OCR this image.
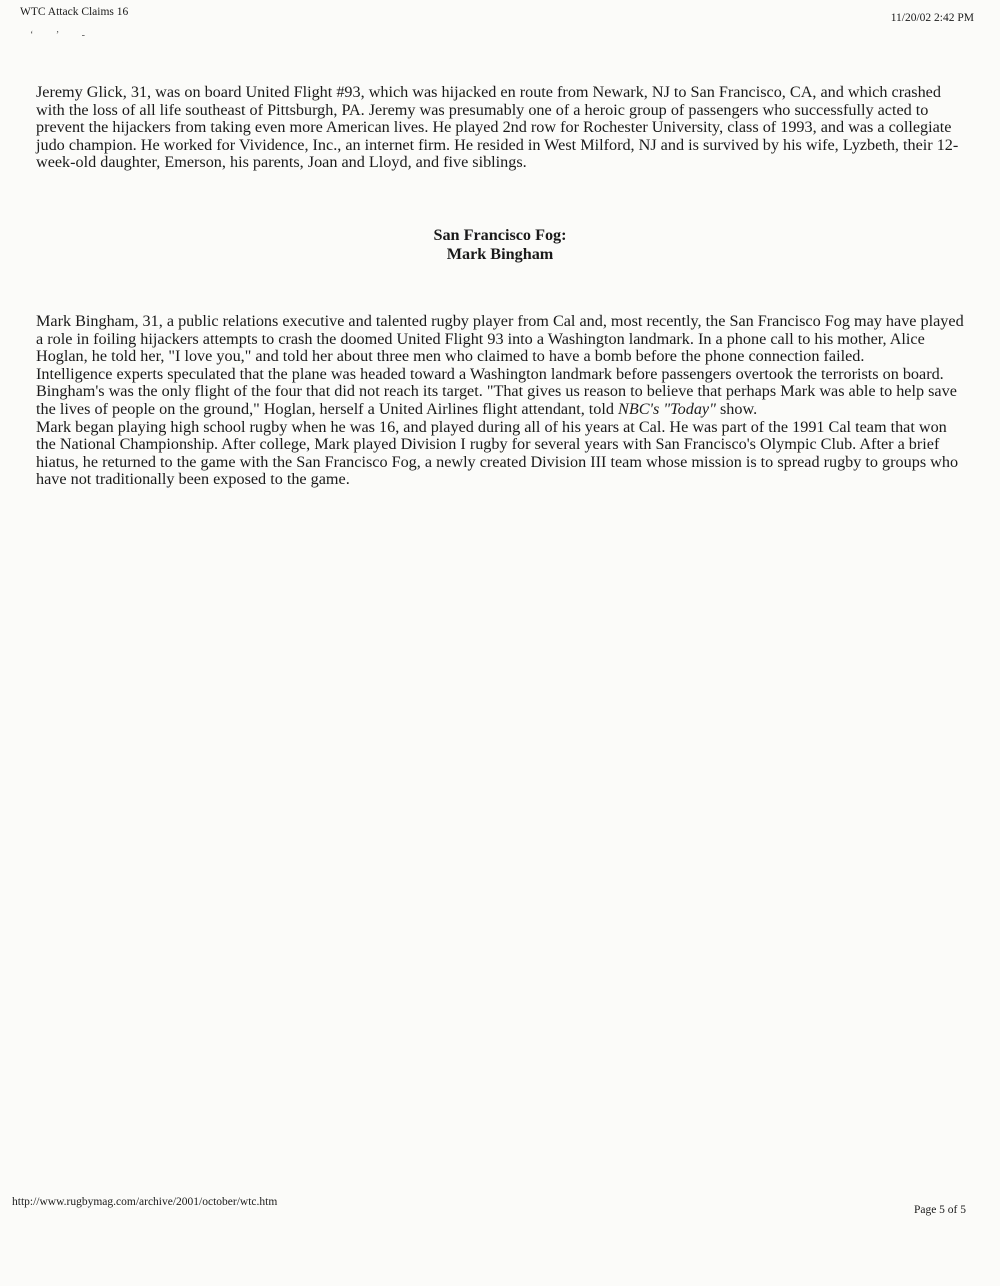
WTC Attack Claims 16	11/20/02 2:42 PM
ʻ ʼ ‐
Jeremy Glick, 31, was on board United Flight #93, which was hijacked en route from Newark, NJ to San Francisco, CA, and which crashed with the loss of all life southeast of Pittsburgh, PA. Jeremy was presumably one of a heroic group of passengers who successfully acted to prevent the hijackers from taking even more American lives. He played 2nd row for Rochester University, class of 1993, and was a collegiate judo champion. He worked for Vividence, Inc., an internet firm. He resided in West Milford, NJ and is survived by his wife, Lyzbeth, their 12-week-old daughter, Emerson, his parents, Joan and Lloyd, and five siblings.
San Francisco Fog:
Mark Bingham

Mark Bingham, 31, a public relations executive and talented rugby player from Cal and, most recently, the San Francisco Fog may have played a role in foiling hijackers attempts to crash the doomed United Flight 93 into a Washington landmark. In a phone call to his mother, Alice Hoglan, he told her, "I love you," and told her about three men who claimed to have a bomb before the phone connection failed.

Intelligence experts speculated that the plane was headed toward a Washington landmark before passengers overtook the terrorists on board. Bingham's was the only flight of the four that did not reach its target. "That gives us reason to believe that perhaps Mark was able to help save the lives of people on the ground," Hoglan, herself a United Airlines flight attendant, told NBC's "Today" show.

Mark began playing high school rugby when he was 16, and played during all of his years at Cal. He was part of the 1991 Cal team that won the National Championship. After college, Mark played Division I rugby for several years with San Francisco's Olympic Club. After a brief hiatus, he returned to the game with the San Francisco Fog, a newly created Division III team whose mission is to spread rugby to groups who have not traditionally been exposed to the game.

http://www.rugbymag.com/archive/2001/october/wtc.htm
Page 5 of 5
